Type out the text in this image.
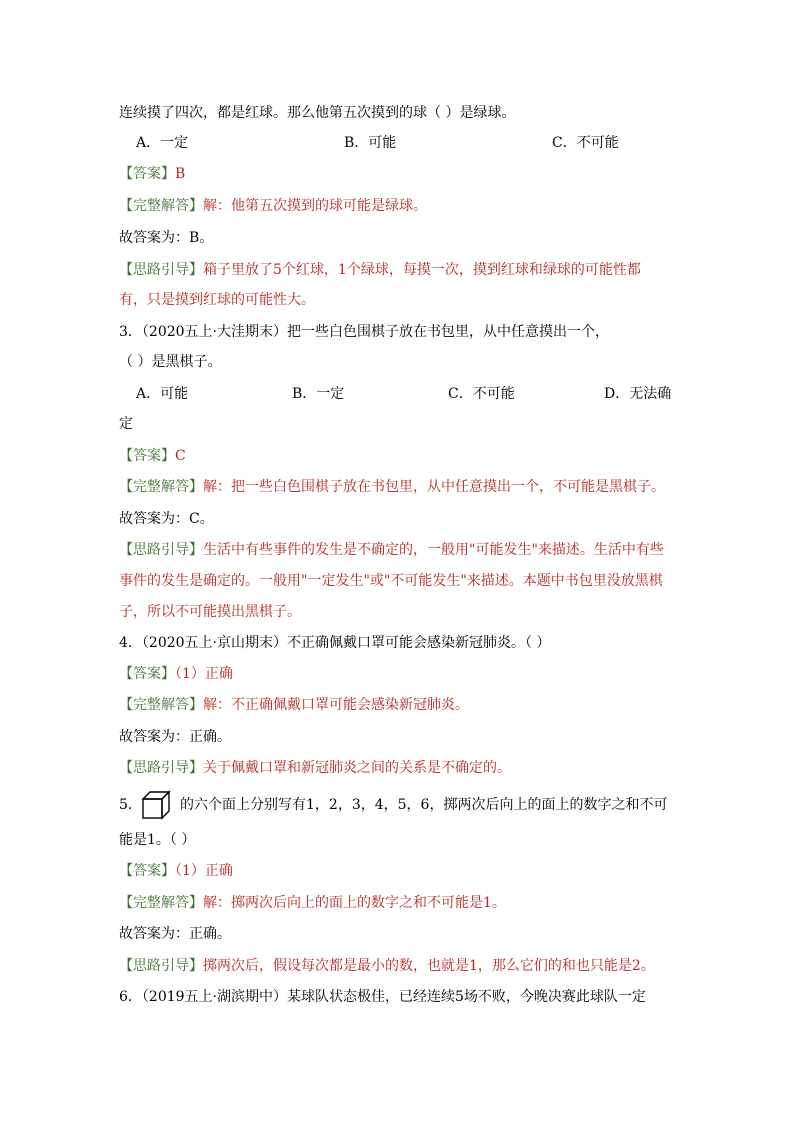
连续摸了四次，都是红球。那么他第五次摸到的球（ ）是绿球。
A．一定	B．可能	C．不可能
【答案】B
【完整解答】解：他第五次摸到的球可能是绿球。
故答案为：B。
【思路引导】箱子里放了5个红球，1个绿球，每摸一次，摸到红球和绿球的可能性都
有，只是摸到红球的可能性大。
3．（2020五上·大洼期末）把一些白色围棋子放在书包里，从中任意摸出一个，
（ ）是黑棋子。
A．可能	B．一定	C．不可能	D．无法确
定
【答案】C
【完整解答】解：把一些白色围棋子放在书包里，从中任意摸出一个，不可能是黑棋子。
故答案为：C。
【思路引导】生活中有些事件的发生是不确定的，一般用"可能发生"来描述。生活中有些
事件的发生是确定的。一般用"一定发生"或"不可能发生"来描述。本题中书包里没放黑棋
子，所以不可能摸出黑棋子。
4．（2020五上·京山期末）不正确佩戴口罩可能会感染新冠肺炎。（ ）
【答案】（1）正确
【完整解答】解：不正确佩戴口罩可能会感染新冠肺炎。
故答案为：正确。
【思路引导】关于佩戴口罩和新冠肺炎之间的关系是不确定的。
5．	的六个面上分别写有1，2，3，4，5，6，掷两次后向上的面上的数字之和不可
能是1。（ ）
【答案】（1）正确
【完整解答】解：掷两次后向上的面上的数字之和不可能是1。
故答案为：正确。
【思路引导】掷两次后，假设每次都是最小的数，也就是1，那么它们的和也只能是2。
6．（2019五上·湖滨期中）某球队状态极佳，已经连续5场不败，今晚决赛此球队一定
